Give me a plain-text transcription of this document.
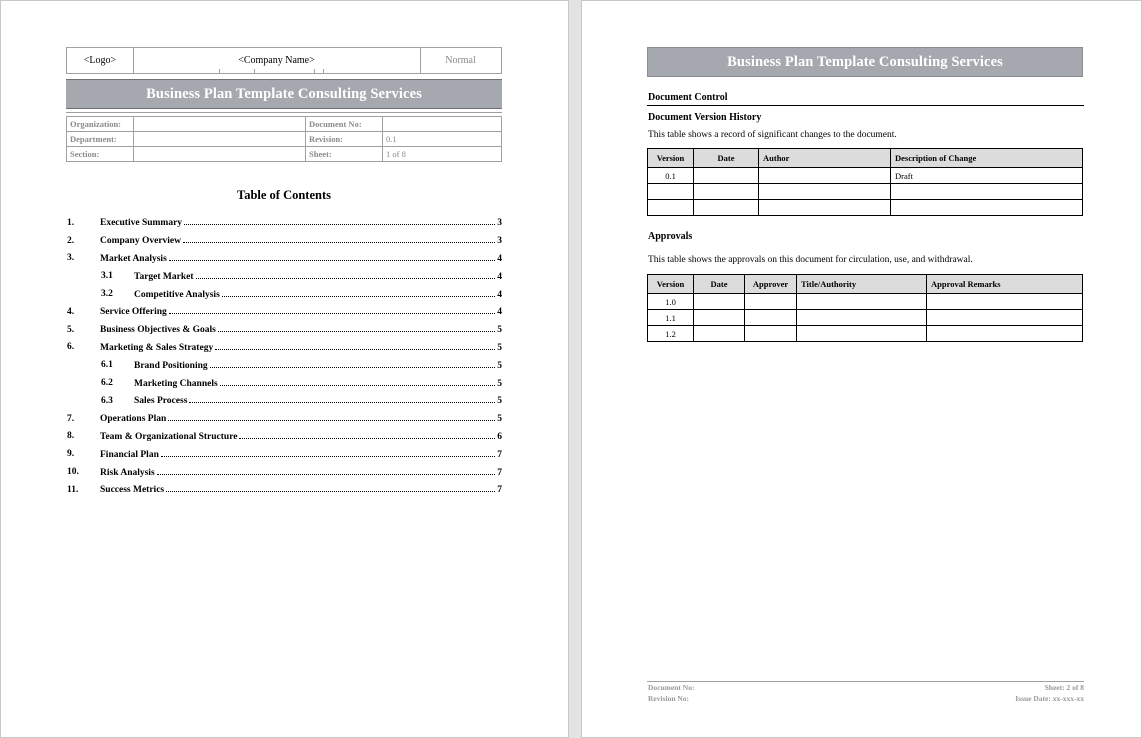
<Logo>	<Company Name>	Normal
Business Plan Template Consulting Services
Organization:		Document No:	
Department:		Revision:	0.1
Section:		Sheet:	1 of 8
Table of Contents
1.	Executive Summary	3
2.	Company Overview	3
3.	Market Analysis	4
3.1 Target Market	4
3.2 Competitive Analysis	4
4.	Service Offering	4
5.	Business Objectives & Goals	5
6.	Marketing & Sales Strategy	5
6.1 Brand Positioning	5
6.2 Marketing Channels	5
6.3 Sales Process	5
7.	Operations Plan	5
8.	Team & Organizational Structure	6
9.	Financial Plan	7
10. Risk Analysis	7
11. Success Metrics	7
Business Plan Template Consulting Services
Document Control
Document Version History
This table shows a record of significant changes to the document.
Version	Date	Author	Description of Change
0.1			Draft

Approvals
This table shows the approvals on this document for circulation, use, and withdrawal.
Version	Date	Approver	Title/Authority	Approval Remarks
1.0				
1.1				
1.2				
Document No:
Revision No:
Sheet: 2 of 8
Issue Date: xx-xxx-xx
